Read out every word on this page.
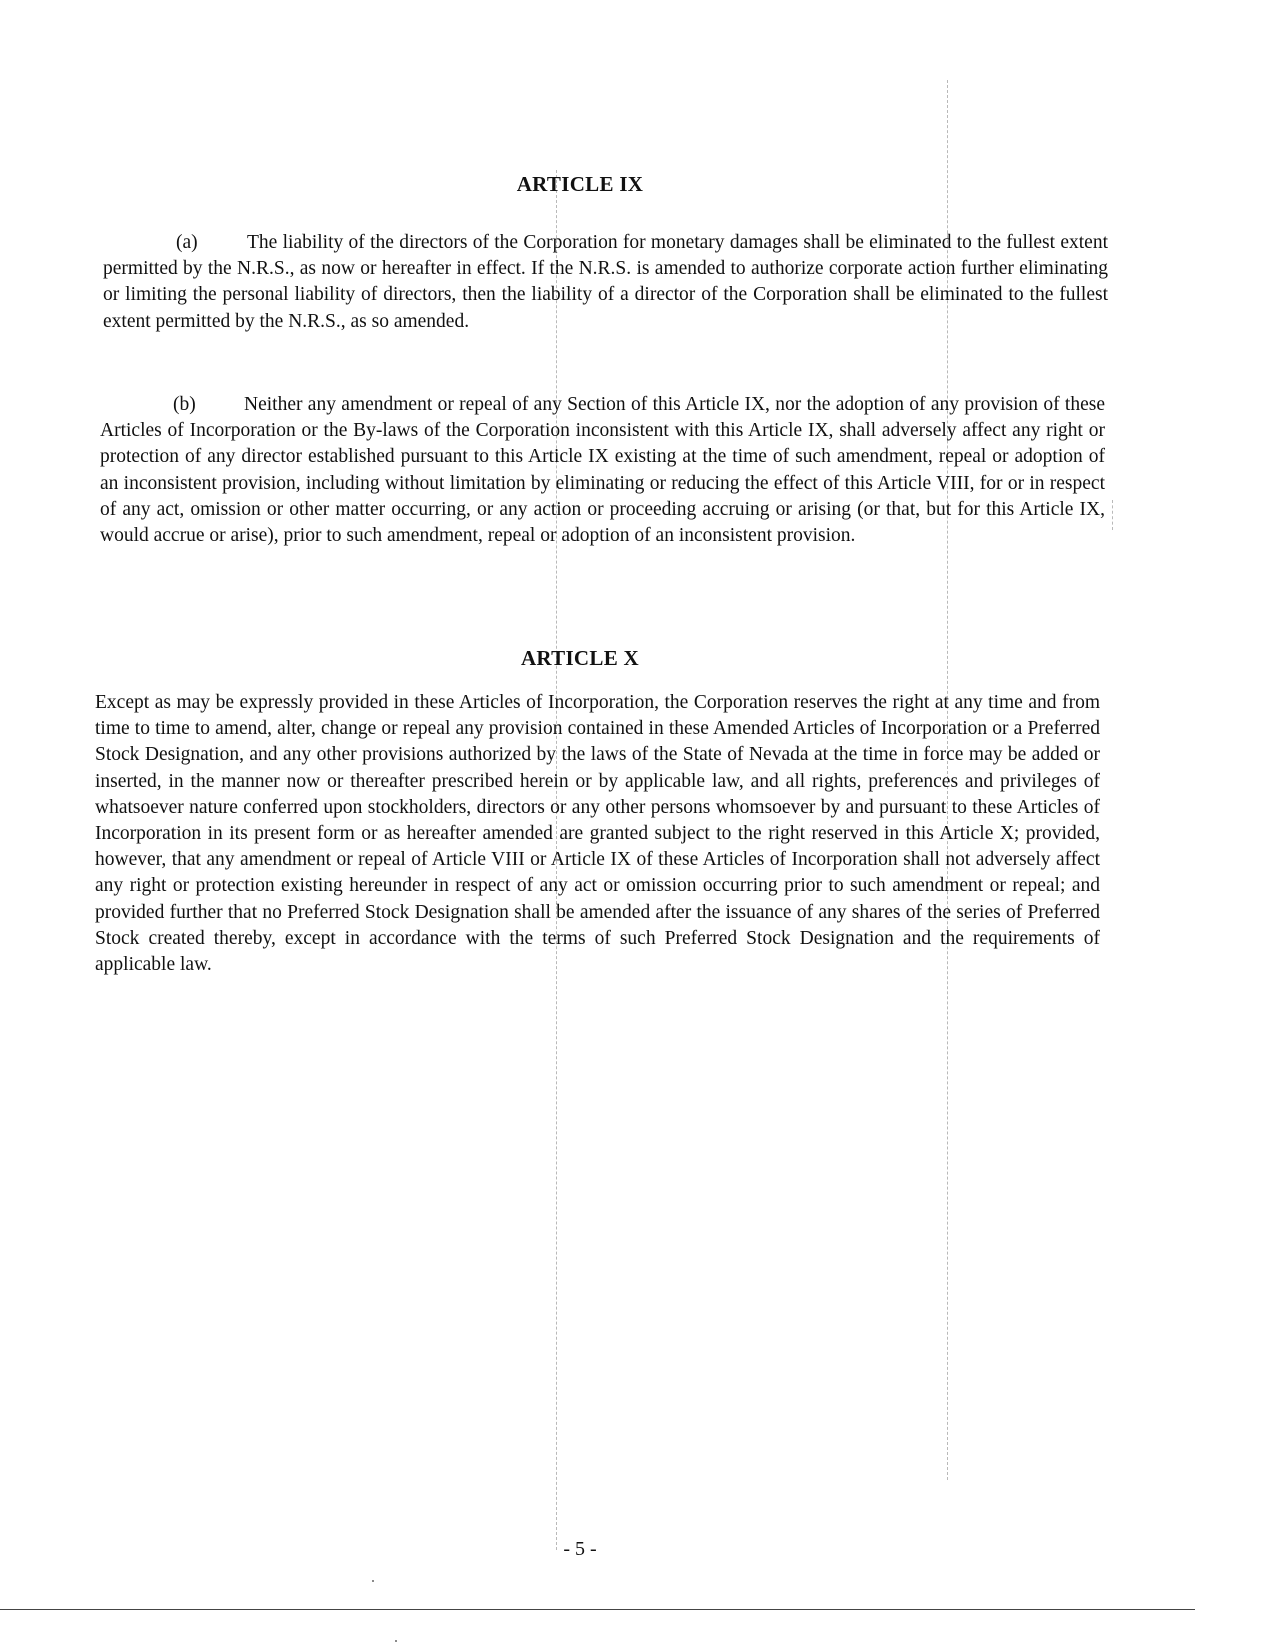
ARTICLE IX

(a)	The liability of the directors of the Corporation for monetary damages shall be eliminated to the fullest extent permitted by the N.R.S., as now or hereafter in effect. If the N.R.S. is amended to authorize corporate action further eliminating or limiting the personal liability of directors, then the liability of a director of the Corporation shall be eliminated to the fullest extent permitted by the N.R.S., as so amended.

(b) Neither any amendment or repeal of any Section of this Article IX, nor the adoption of any provision of these Articles of Incorporation or the By-laws of the Corporation inconsistent with this Article IX, shall adversely affect any right or protection of any director established pursuant to this Article IX existing at the time of such amendment, repeal or adoption of an inconsistent provision, including without limitation by eliminating or reducing the effect of this Article VIII, for or in respect of any act, omission or other matter occurring, or any action or proceeding accruing or arising (or that, but for this Article IX, would accrue or arise), prior to such amendment, repeal or adoption of an inconsistent provision.

ARTICLE X

Except as may be expressly provided in these Articles of Incorporation, the Corporation reserves the right at any time and from time to time to amend, alter, change or repeal any provision contained in these Amended Articles of Incorporation or a Preferred Stock Designation, and any other provisions authorized by the laws of the State of Nevada at the time in force may be added or inserted, in the manner now or thereafter prescribed herein or by applicable law, and all rights, preferences and privileges of whatsoever nature conferred upon stockholders, directors or any other persons whomsoever by and pursuant to these Articles of Incorporation in its present form or as hereafter amended are granted subject to the right reserved in this Article X; provided, however, that any amendment or repeal of Article VIII or Article IX of these Articles of Incorporation shall not adversely affect any right or protection existing hereunder in respect of any act or omission occurring prior to such amendment or repeal; and provided further that no Preferred Stock Designation shall be amended after the issuance of any shares of the series of Preferred Stock created thereby, except in accordance with the terms of such Preferred Stock Designation and the requirements of applicable law.

- 5 -
